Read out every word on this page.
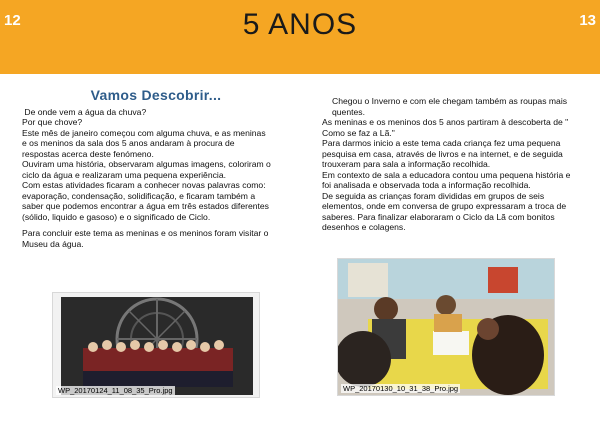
12	5 ANOS	13
Vamos Descobrir...
De onde vem a água da chuva?
Por que chove?
Este mês de janeiro começou com alguma chuva, e as meninas e os meninos da sala dos 5 anos andaram à procura de respostas acerca deste fenómeno.
Ouviram uma história, observaram algumas imagens, coloriram o ciclo da água e realizaram uma pequena experiência.
Com estas atividades ficaram a conhecer novas palavras como: evaporação, condensação, solidificação, e ficaram também a saber que podemos encontrar a água em três estados diferentes (sólido, liquido e gasoso) e o significado de Ciclo.
Para concluir este tema as meninas e os meninos foram visitar o Museu da água.
WP_20170124_11_08_35_Pro.jpg
Chegou o Inverno e com ele chegam também as roupas mais quentes.
As meninas e os meninos dos 5 anos partiram à descoberta de " Como se faz a Lã."
Para darmos inicio a este tema cada criança fez uma pequena pesquisa em casa, através de livros e na internet, e de seguida trouxeram para sala a informação recolhida.
Em contexto de sala a educadora contou uma pequena história e foi analisada e observada toda a informação recolhida.
De seguida as crianças foram divididas em grupos de seis elementos, onde em conversa de grupo expressaram a troca de saberes. Para finalizar elaboraram o Ciclo da Lã com bonitos desenhos e colagens.
WP_20170130_10_31_38_Pro.jpg
